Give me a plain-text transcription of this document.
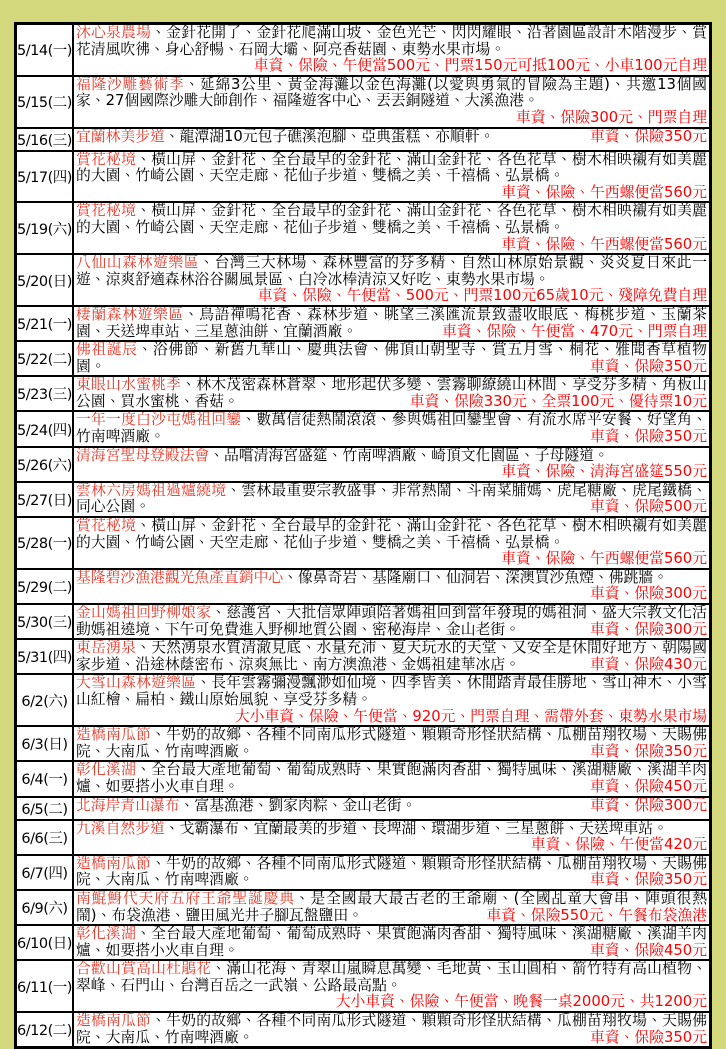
5/14(一)
沐心泉農場、金針花開了、金針花爬滿山坡、金色光芒、閃閃耀眼、沿著園區設計木階漫步、賞花清風吹彿、身心舒暢、石岡大壩、阿亮香菇園、東勢水果市場。
車資、保險、午便當500元、門票150元可抵100元、小車100元自理
5/15(二)
福隆沙雕藝術季、延綿3公里、黃金海灘以金色海灘(以愛與勇氣的冒險為主題)、共邀13個國家、27個國際沙雕大師創作、福隆遊客中心、丟丟銅隧道、大溪漁港。
車資、保險300元、門票自理
5/16(三) 宜蘭林美步道、龍潭湖10元包子礁溪泡腳、亞典蛋糕、亦順軒。	車資、保險350元
5/17(四)
賞花秘境、橫山屏、金針花、全台最早的金針花、滿山金針花、各色花草、樹木相映襯有如美麗的大園、竹崎公園、天空走廊、花仙子步道、雙橋之美、千禧橋、弘景橋。
車資、保險、午西螺便當560元
5/19(六)
賞花秘境、橫山屏、金針花、全台最早的金針花、滿山金針花、各色花草、樹木相映襯有如美麗的大園、竹崎公園、天空走廊、花仙子步道、雙橋之美、千禧橋、弘景橋。
車資、保險、午西螺便當560元
5/20(日)
八仙山森林遊樂區、台灣三大林場、森林豐富的芬多精、自然山林原始景觀、炎炎夏日來此一遊、涼爽舒適森林浴谷關風景區、白冷冰棒清涼又好吃、東勢水果市場。
車資、保險、午便當、500元、門票100元65歲10元、殘障免費自理
5/21(一)
棲蘭森林遊樂區、鳥語禪鳴花香、森林步道、眺望三溪匯流景致盡收眼底、梅桃步道、玉蘭茶園、天送埤車站、三星蔥油餅、宜蘭酒廠。	車資、保險、午便當、470元、門票自理
5/22(二)
佛祖誕辰、浴佛節、新舊九華山、慶典法會、佛頂山朝聖寺、賞五月雪、桐花、雅聞香草植物園。	車資、保險350元
5/23(三)
東眼山水蜜桃季、林木茂密森林蒼翠、地形起伏多變、雲霧聊繚繞山林間、享受芬多精、角板山公園、買水蜜桃、香菇。	車資、保險330元、全票100元、優待票10元
5/24(四)
一年一度白沙屯媽祖回鑾、數萬信徒熱鬧滾滾、參與媽祖回鑾聖會、有流水席平安餐、好望角、竹南啤酒廠。	車資、保險350元
5/26(六)
清海宮聖母登殿法會、品嚐清海宮盛筵、竹南啤酒廠、崎頂文化園區、子母隧道。
車資、保險、清海宮盛筵550元
5/27(日)
雲林六房媽祖過爐繞境、雲林最重要宗教盛事、非常熱鬧、斗南菜脯媽、虎尾糖廠、虎尾鐵橋、同心公園。	車資、保險500元
5/28(一)
賞花秘境、橫山屏、金針花、全台最早的金針花、滿山金針花、各色花草、樹木相映襯有如美麗的大園、竹崎公園、天空走廊、花仙子步道、雙橋之美、千禧橋、弘景橋。
車資、保險、午西螺便當560元
5/29(二)
基隆碧沙漁港觀光魚產直銷中心、像鼻奇岩、基隆廟口、仙洞岩、深澳買沙魚煙、佛跳牆。
車資、保險300元
5/30(三)
金山媽祖回野柳娘家、慈護宮、大批信眾陣頭陪著媽祖回到當年發現的媽祖洞、盛大宗教文化活動媽祖遶境、下午可免費進入野柳地質公園、密秘海岸、金山老街。	車資、保險300元
5/31(四)
東岳湧泉、天然湧泉水質清澈見底、水量充沛、夏天玩水的天堂、又安全是休閒好地方、朝陽國家步道、沿途林蔭密布、涼爽無比、南方澳漁港、金媽祖建華冰店。	車資、保險430元
6/2(六)
大雪山森林遊樂區、長年雲霧彌漫飄渺如仙境、四季皆美、休閒踏青最佳勝地、雪山神木、小雪山紅檜、扁柏、鐵山原始風貌、享受芬多精。
大小車資、保險、午便當、920元、門票自理、需帶外套、東勢水果市場
6/3(日)
造橋南瓜節、牛奶的故鄉、各種不同南瓜形式隧道、顆顆奇形怪狀結構、瓜棚苗翔牧場、天賜佛院、大南瓜、竹南啤酒廠。	車資、保險350元
6/4(一)
彰化溪湖、全台最大產地葡萄、葡萄成熟時、果實飽滿肉香甜、獨特風味、溪湖糖廠、溪湖羊肉爐、如要搭小火車自理。	車資、保險450元
6/5(二) 北海岸青山瀑布、富基漁港、劉家肉粽、金山老街。	車資、保險300元
6/6(三)
九溪自然步道、戈霸瀑布、宜蘭最美的步道、長埤湖、環湖步道、三星蔥餅、天送埤車站。
車資、保險、午便當420元
6/7(四)
造橋南瓜節、牛奶的故鄉、各種不同南瓜形式隧道、顆顆奇形怪狀結構、瓜棚苗翔牧場、天賜佛院、大南瓜、竹南啤酒廠。	車資、保險350元
6/9(六)
南鯤鯓代天府五府王爺聖誕慶典、是全國最大最古老的王爺廟、(全國乩童大會串、陣頭很熱鬧)、布袋漁港、鹽田風光井子腳瓦盤鹽田。	車資、保險550元、午餐布袋漁港
6/10(日)
彰化溪湖、全台最大產地葡萄、葡萄成熟時、果實飽滿肉香甜、獨特風味、溪湖糖廠、溪湖羊肉爐、如要搭小火車自理。	車資、保險450元
6/11(一)
合歡山賞高山杜鵑花、滿山花海、青翠山嵐瞬息萬變、毛地黃、玉山圓柏、箭竹特有高山植物、翠峰、石門山、台灣百岳之一武嶺、公路最高點。
大小車資、保險、午便當、晚餐一桌2000元、共1200元
6/12(二)
造橋南瓜節、牛奶的故鄉、各種不同南瓜形式隧道、顆顆奇形怪狀結構、瓜棚苗翔牧場、天賜佛院、大南瓜、竹南啤酒廠。	車資、保險350元
